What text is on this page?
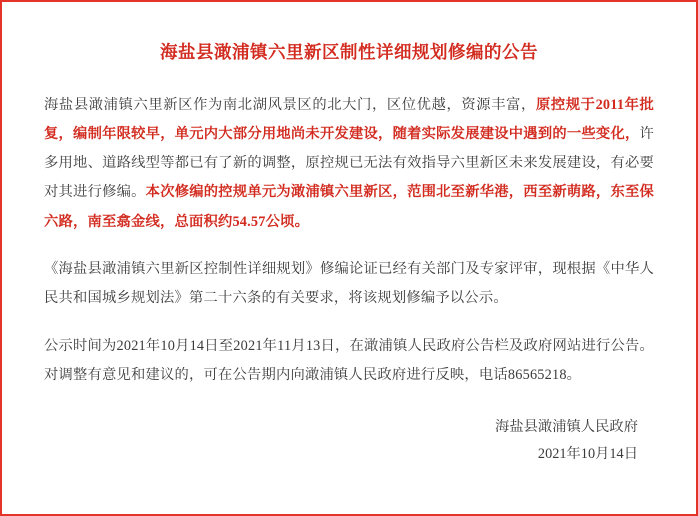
海盐县澉浦镇六里新区制性详细规划修编的公告

海盐县澉浦镇六里新区作为南北湖风景区的北大门，区位优越，资源丰富，原控规于2011年批复，编制年限较早，单元内大部分用地尚未开发建设，随着实际发展建设中遇到的一些变化，许多用地、道路线型等都已有了新的调整，原控规已无法有效指导六里新区未来发展建设，有必要对其进行修编。本次修编的控规单元为澉浦镇六里新区，范围北至新华港，西至新萌路，东至保六路，南至翕金线，总面积约54.57公顷。

《海盐县澉浦镇六里新区控制性详细规划》修编论证已经有关部门及专家评审，现根据《中华人民共和国城乡规划法》第二十六条的有关要求，将该规划修编予以公示。

公示时间为2021年10月14日至2021年11月13日，在澉浦镇人民政府公告栏及政府网站进行公告。对调整有意见和建议的，可在公告期内向澉浦镇人民政府进行反映，电话86565218。

海盐县澉浦镇人民政府
2021年10月14日
